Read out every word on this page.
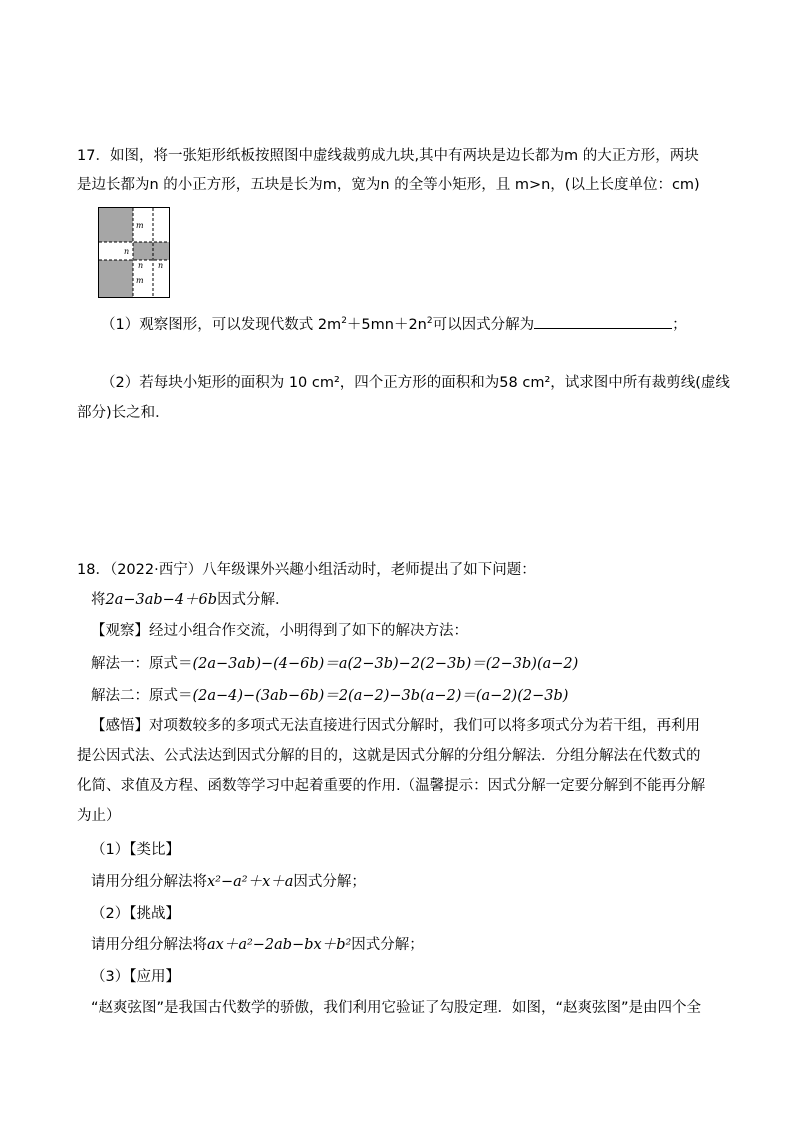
17．如图，将一张矩形纸板按照图中虚线裁剪成九块,其中有两块是边长都为m 的大正方形，两块
是边长都为n 的小正方形，五块是长为m，宽为n 的全等小矩形，且 m>n，(以上长度单位：cm)
m
n
n n
m
（1）观察图形，可以发现代数式 $2m^2+5mn+2n^2$可以因式分解为	；
（2）若每块小矩形的面积为 10 cm²，四个正方形的面积和为58 cm²，试求图中所有裁剪线(虚线
部分)长之和．
18．（2022·西宁）八年级课外兴趣小组活动时，老师提出了如下问题：
将2a−3ab−4＋6b因式分解．
【观察】经过小组合作交流，小明得到了如下的解决方法：
解法一：原式＝(2a−3ab)−(4−6b)＝a(2−3b)−2(2−3b)＝(2−3b)(a−2)
解法二：原式＝(2a−4)−(3ab−6b)＝2(a−2)−3b(a−2)＝(a−2)(2−3b)
【感悟】对项数较多的多项式无法直接进行因式分解时，我们可以将多项式分为若干组，再利用
提公因式法、公式法达到因式分解的目的，这就是因式分解的分组分解法．分组分解法在代数式的
化简、求值及方程、函数等学习中起着重要的作用.（温馨提示：因式分解一定要分解到不能再分解
为止）
（1）【类比】
请用分组分解法将x²−a²＋x＋a因式分解；
（2）【挑战】
请用分组分解法将ax＋a²−2ab−bx＋b²因式分解；
（3）【应用】
“赵爽弦图”是我国古代数学的骄傲，我们利用它验证了勾股定理．如图，“赵爽弦图”是由四个全
